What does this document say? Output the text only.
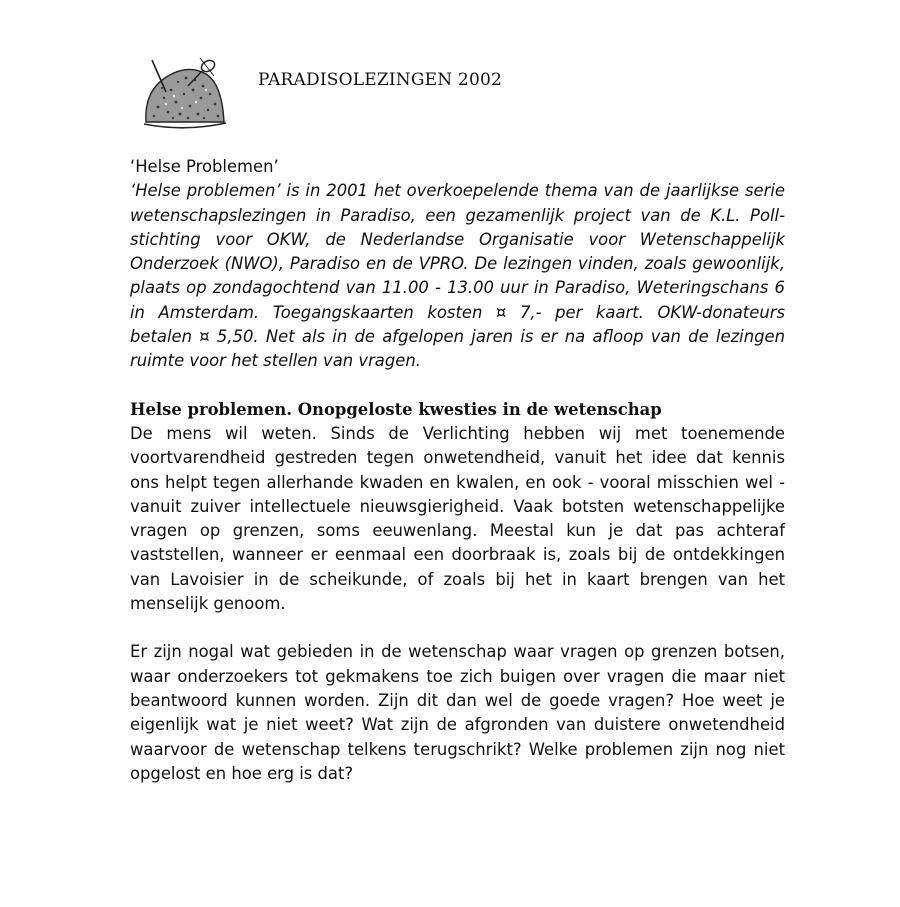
PARADISOLEZINGEN 2002
‘Helse Problemen’

‘Helse problemen’ is in 2001 het overkoepelende thema van de jaarlijkse serie wetenschapslezingen in Paradiso, een gezamenlijk project van de K.L. Poll-stichting voor OKW, de Nederlandse Organisatie voor Wetenschappelijk Onderzoek (NWO), Paradiso en de VPRO. De lezingen vinden, zoals gewoonlijk, plaats op zondagochtend van 11.00 - 13.00 uur in Paradiso, Weteringschans 6 in Amsterdam. Toegangskaarten kosten ¤ 7,- per kaart. OKW-donateurs betalen ¤ 5,50. Net als in de afgelopen jaren is er na afloop van de lezingen ruimte voor het stellen van vragen.

Helse problemen. Onopgeloste kwesties in de wetenschap

De mens wil weten. Sinds de Verlichting hebben wij met toenemende voortvarendheid gestreden tegen onwetendheid, vanuit het idee dat kennis ons helpt tegen allerhande kwaden en kwalen, en ook - vooral misschien wel - vanuit zuiver intellectuele nieuwsgierigheid. Vaak botsten wetenschappelijke vragen op grenzen, soms eeuwenlang. Meestal kun je dat pas achteraf vaststellen, wanneer er eenmaal een doorbraak is, zoals bij de ontdekkingen van Lavoisier in de scheikunde, of zoals bij het in kaart brengen van het menselijk genoom.

Er zijn nogal wat gebieden in de wetenschap waar vragen op grenzen botsen, waar onderzoekers tot gekmakens toe zich buigen over vragen die maar niet beantwoord kunnen worden. Zijn dit dan wel de goede vragen? Hoe weet je eigenlijk wat je niet weet? Wat zijn de afgronden van duistere onwetendheid waarvoor de wetenschap telkens terugschrikt? Welke problemen zijn nog niet opgelost en hoe erg is dat?
